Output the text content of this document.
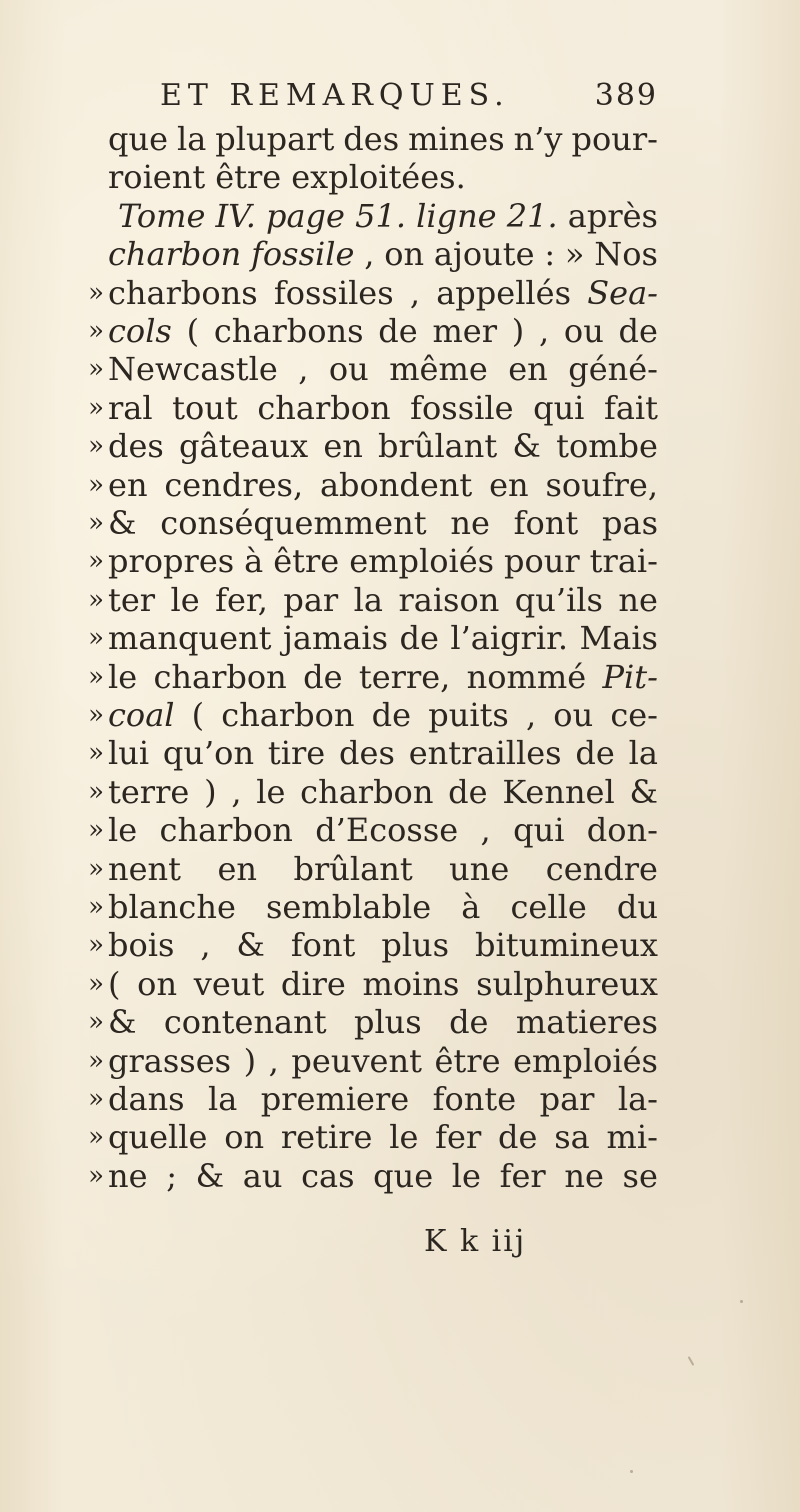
ET REMARQUES.	389
que la plupart des mines n’y pour-
roient être exploitées.
Tome IV. page 51. ligne 21. après
charbon fossile , on ajoute : » Nos
» charbons fossiles , appellés Sea-
» cols ( charbons de mer ) , ou de
» Newcastle , ou même en géné-
» ral tout charbon fossile qui fait
» des gâteaux en brûlant & tombe
» en cendres, abondent en soufre,
» & conséquemment ne font pas
» propres à être emploiés pour trai-
» ter le fer, par la raison qu’ils ne
» manquent jamais de l’aigrir. Mais
» le charbon de terre, nommé Pit-
» coal ( charbon de puits , ou ce-
» lui qu’on tire des entrailles de la
» terre ) , le charbon de Kennel &
» le charbon d’Ecosse , qui don-
» nent en brûlant une cendre
» blanche semblable à celle du
» bois , & font plus bitumineux
» ( on veut dire moins sulphureux
» & contenant plus de matieres
» grasses ) , peuvent être emploiés
» dans la premiere fonte par la-
» quelle on retire le fer de sa mi-
» ne ; & au cas que le fer ne se
K k iij
